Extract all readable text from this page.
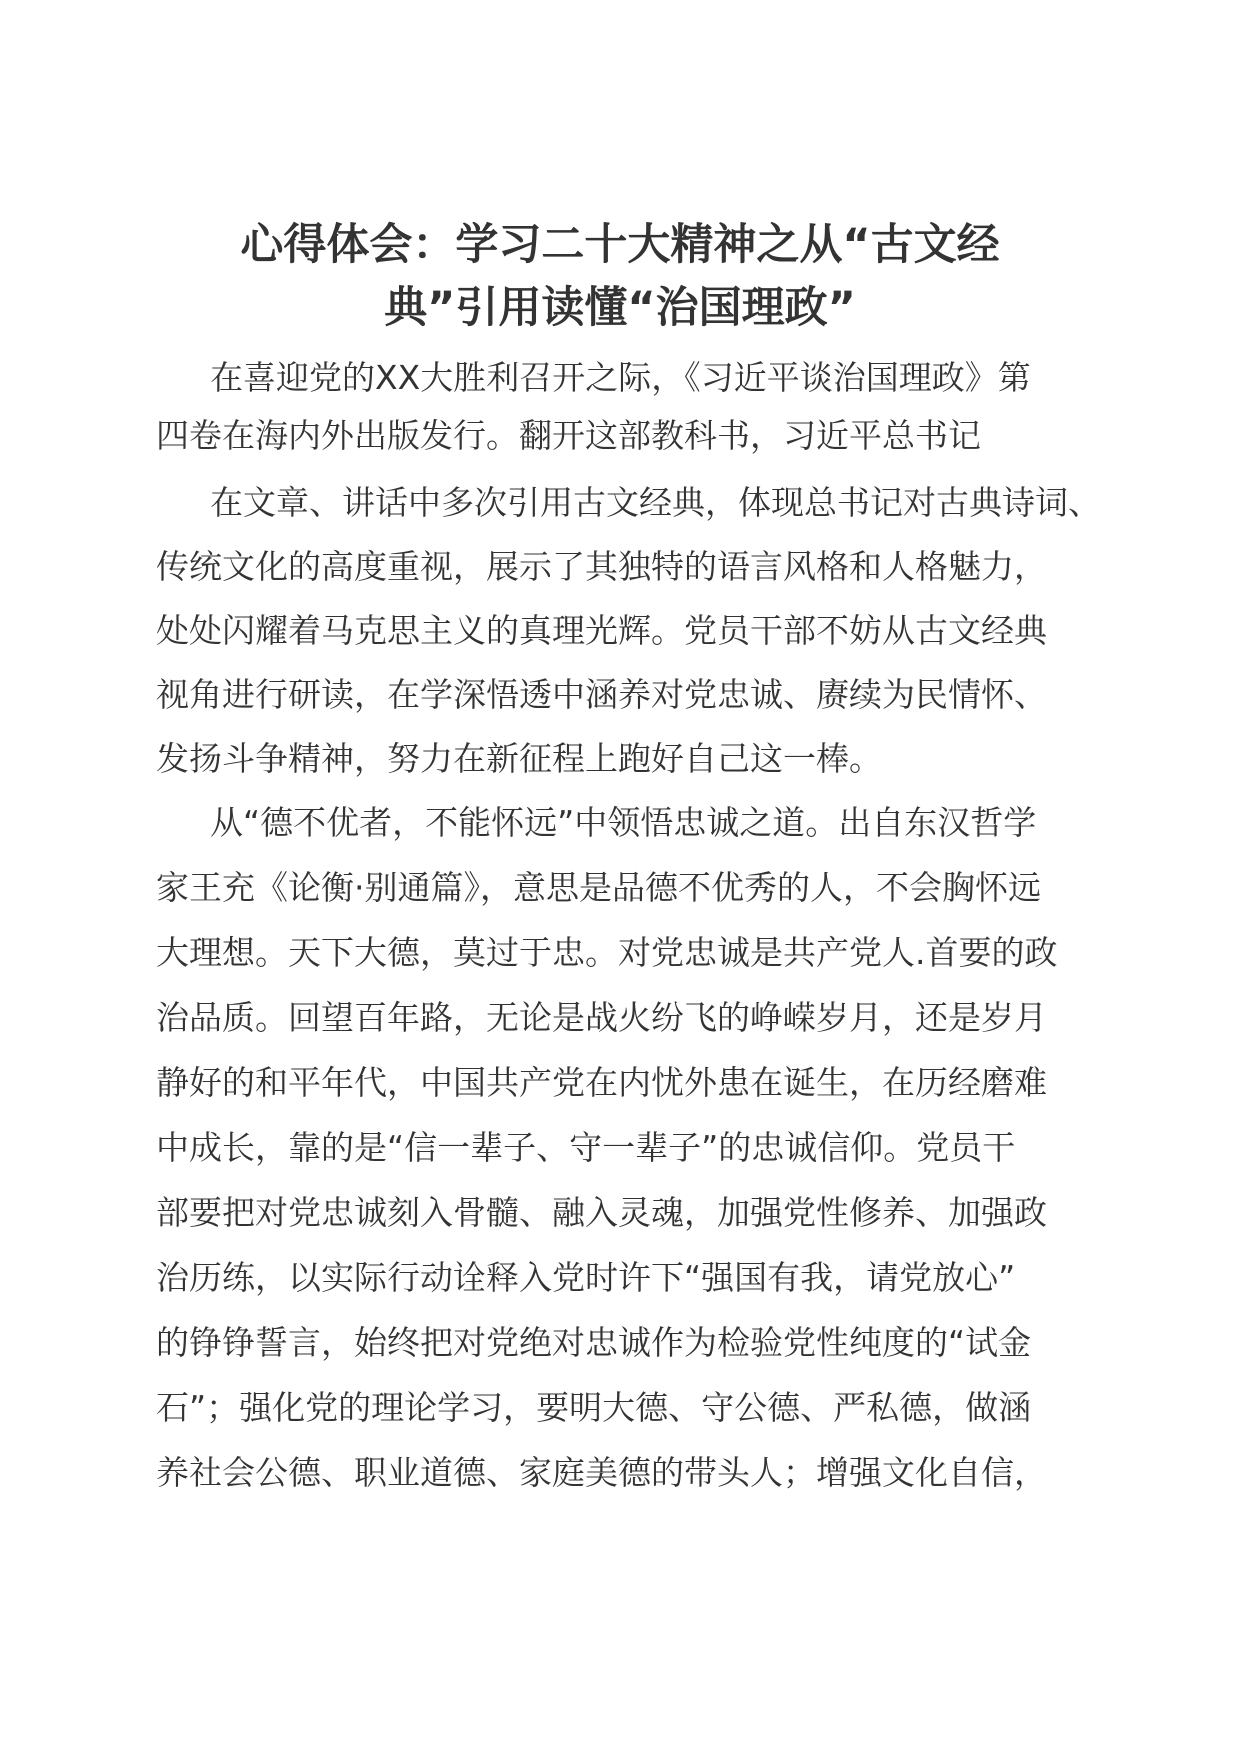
心得体会：学习二十大精神之从“古文经
典”引用读懂“治国理政”

在喜迎党的XX大胜利召开之际，《习近平谈治国理政》第

四卷在海内外出版发行。翻开这部教科书，习近平总书记

在文章、讲话中多次引用古文经典，体现总书记对古典诗词、

传统文化的高度重视，展示了其独特的语言风格和人格魅力，

处处闪耀着马克思主义的真理光辉。党员干部不妨从古文经典

视角进行研读，在学深悟透中涵养对党忠诚、赓续为民情怀、

发扬斗争精神，努力在新征程上跑好自己这一棒。

从“德不优者，不能怀远”中领悟忠诚之道。出自东汉哲学

家王充《论衡·别通篇》，意思是品德不优秀的人，不会胸怀远

大理想。天下大德，莫过于忠。对党忠诚是共产党人.首要的政

治品质。回望百年路，无论是战火纷飞的峥嵘岁月，还是岁月

静好的和平年代，中国共产党在内忧外患在诞生，在历经磨难

中成长，靠的是“信一辈子、守一辈子”的忠诚信仰。党员干

部要把对党忠诚刻入骨髓、融入灵魂，加强党性修养、加强政

治历练，以实际行动诠释入党时许下“强国有我，请党放心”

的铮铮誓言，始终把对党绝对忠诚作为检验党性纯度的“试金

石”；强化党的理论学习，要明大德、守公德、严私德，做涵

养社会公德、职业道德、家庭美德的带头人；增强文化自信，
